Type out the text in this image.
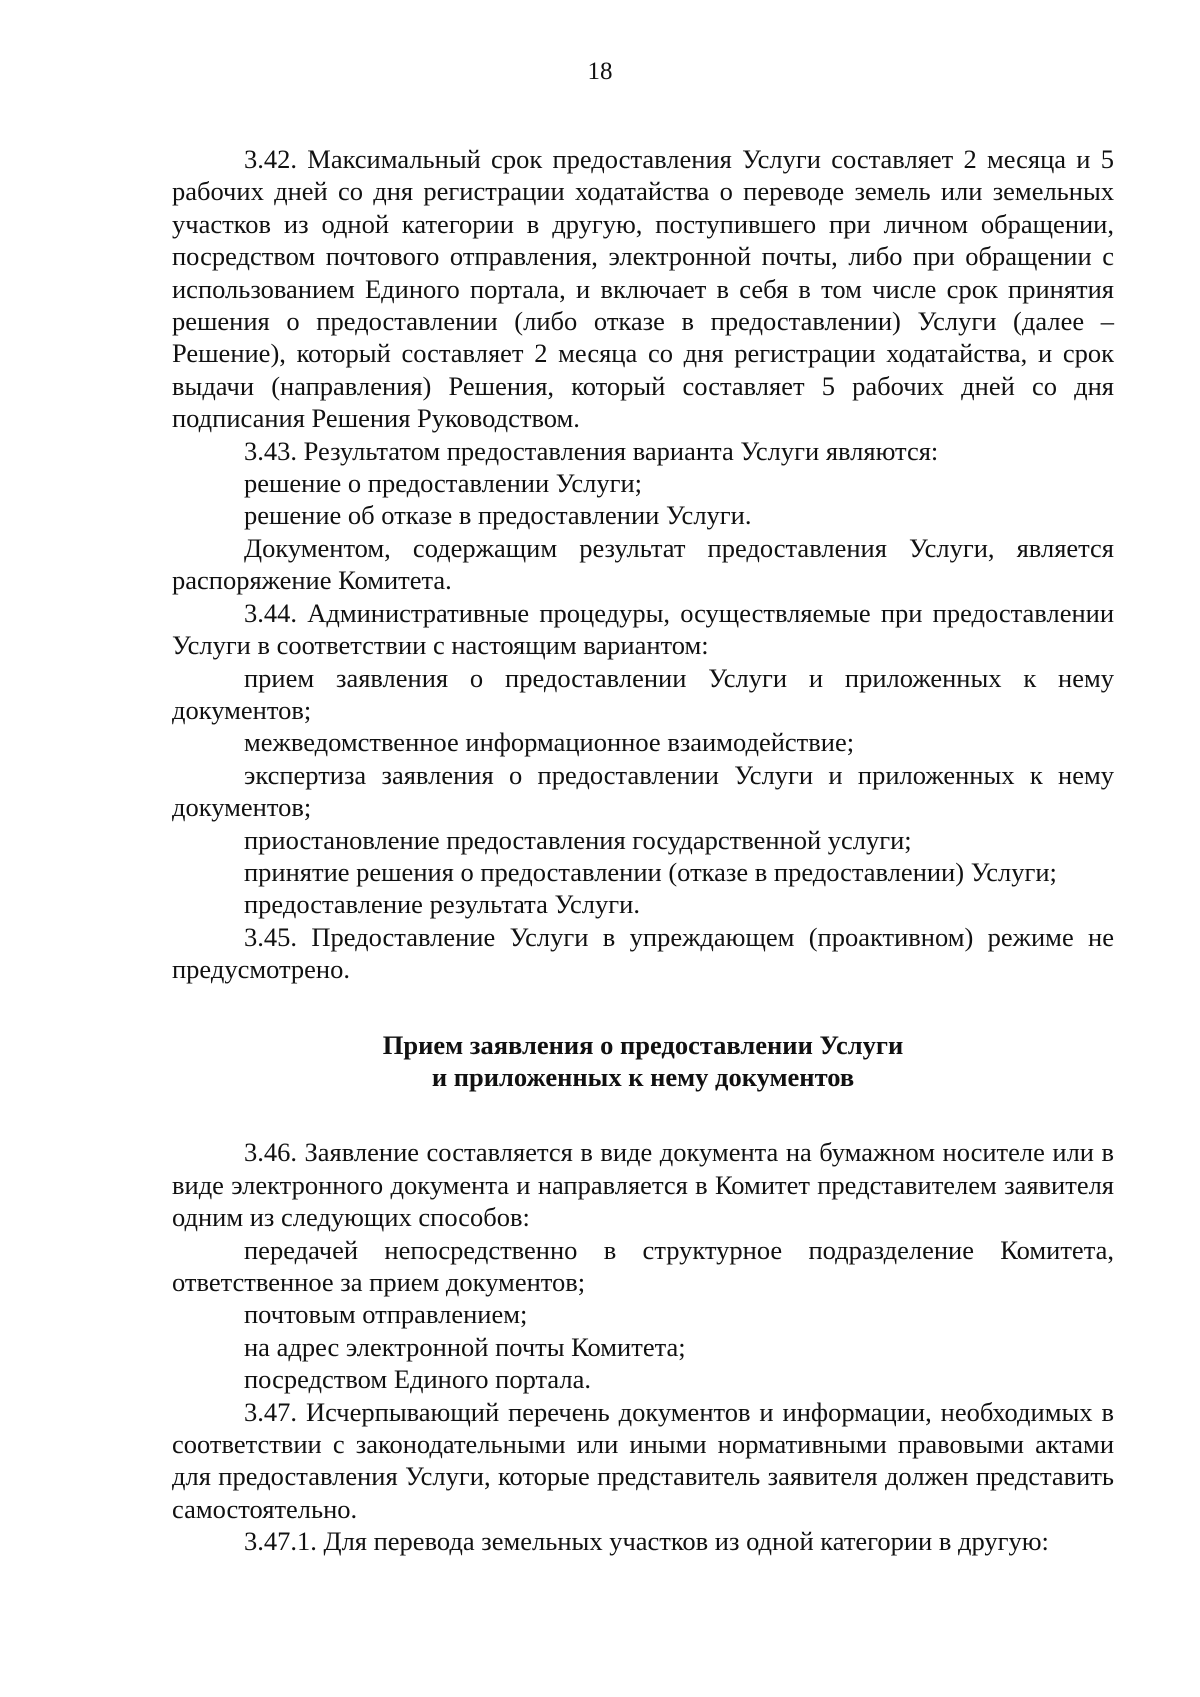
18

3.42. Максимальный срок предоставления Услуги составляет 2 месяца и 5 рабочих дней со дня регистрации ходатайства о переводе земель или земельных участков из одной категории в другую, поступившего при личном обращении, посредством почтового отправления, электронной почты, либо при обращении с использованием Единого портала, и включает в себя в том числе срок принятия решения о предоставлении (либо отказе в предоставлении) Услуги (далее – Решение), который составляет 2 месяца со дня регистрации ходатайства, и срок выдачи (направления) Решения, который составляет 5 рабочих дней со дня подписания Решения Руководством.

3.43. Результатом предоставления варианта Услуги являются:

решение о предоставлении Услуги;

решение об отказе в предоставлении Услуги.

Документом, содержащим результат предоставления Услуги, является распоряжение Комитета.

3.44. Административные процедуры, осуществляемые при предоставлении Услуги в соответствии с настоящим вариантом:

прием заявления о предоставлении Услуги и приложенных к нему документов;

межведомственное информационное взаимодействие;

экспертиза заявления о предоставлении Услуги и приложенных к нему документов;

приостановление предоставления государственной услуги;

принятие решения о предоставлении (отказе в предоставлении) Услуги;

предоставление результата Услуги.

3.45. Предоставление Услуги в упреждающем (проактивном) режиме не предусмотрено.

Прием заявления о предоставлении Услуги
и приложенных к нему документов

3.46. Заявление составляется в виде документа на бумажном носителе или в виде электронного документа и направляется в Комитет представителем заявителя одним из следующих способов:

передачей непосредственно в структурное подразделение Комитета, ответственное за прием документов;

почтовым отправлением;

на адрес электронной почты Комитета;

посредством Единого портала.

3.47. Исчерпывающий перечень документов и информации, необходимых в соответствии с законодательными или иными нормативными правовыми актами для предоставления Услуги, которые представитель заявителя должен представить самостоятельно.

3.47.1. Для перевода земельных участков из одной категории в другую:
